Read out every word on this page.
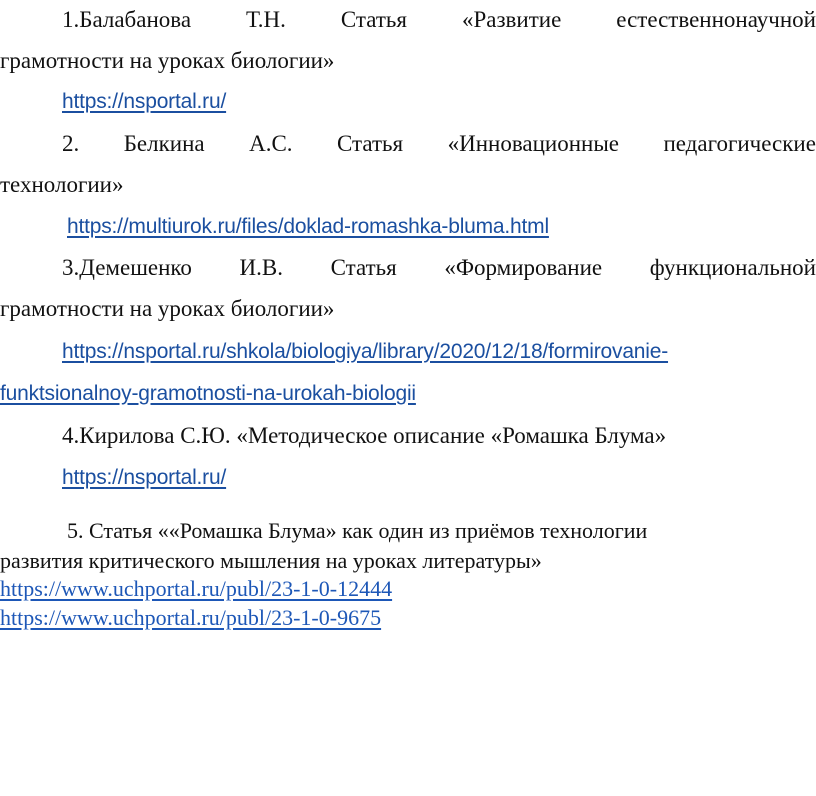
1.Балабанова Т.Н. Статья «Развитие естественнонаучной
грамотности на уроках биологии»
https://nsportal.ru/
2. Белкина А.С. Статья «Инновационные педагогические
технологии»
https://multiurok.ru/files/doklad-romashka-bluma.html
3.Демешенко И.В. Статья «Формирование функциональной
грамотности на уроках биологии»
https://nsportal.ru/shkola/biologiya/library/2020/12/18/formirovanie-
funktsionalnoy-gramotnosti-na-urokah-biologii
4.Кирилова С.Ю. «Методическое описание «Ромашка Блума»
https://nsportal.ru/
5. Статья ««Ромашка Блума» как один из приёмов технологии
развития критического мышления на уроках литературы»
https://www.uchportal.ru/publ/23-1-0-12444
https://www.uchportal.ru/publ/23-1-0-9675
